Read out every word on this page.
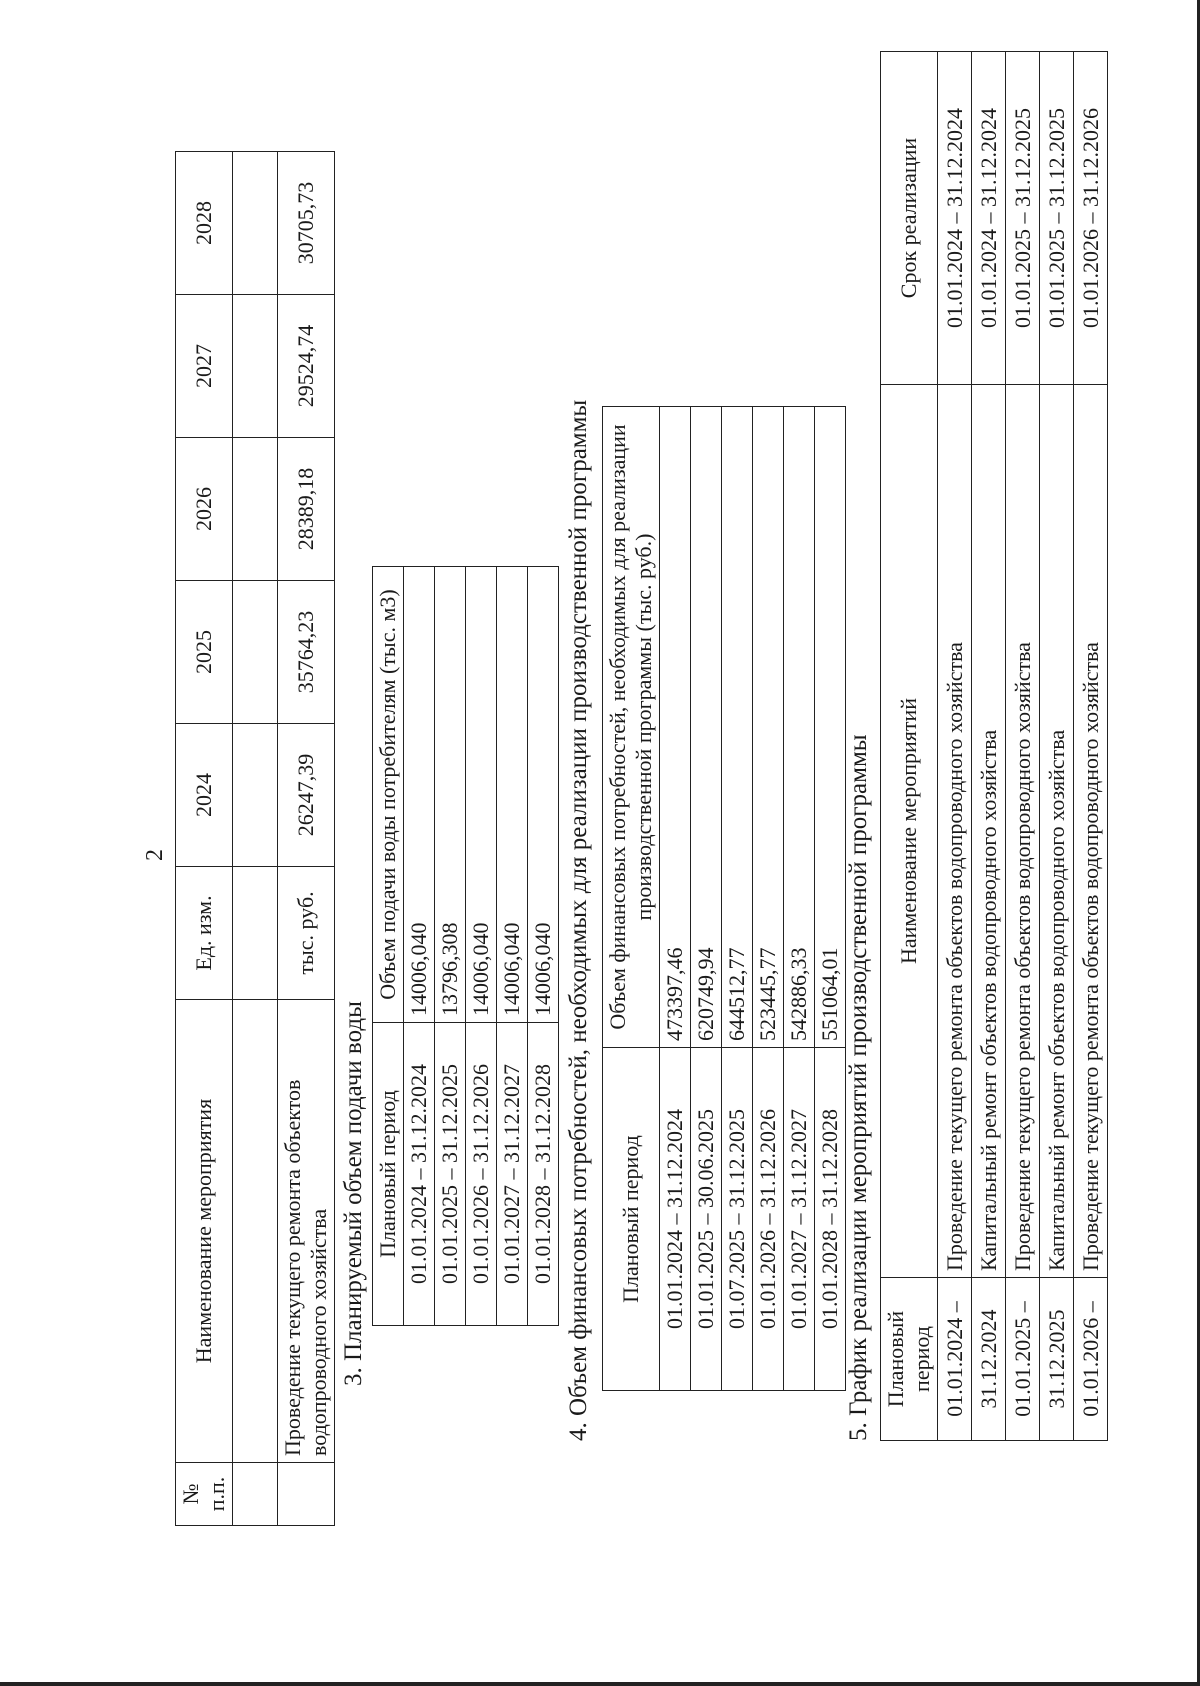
2
№ п.п.	Наименование мероприятия	Ед. изм.	2024	2025	2026	2027	2028

	Проведение текущего ремонта объектов водопроводного хозяйства	тыс. руб.	26247,39	35764,23	28389,18	29524,74	30705,73
3. Планируемый объем подачи воды Плановый период	Объем подачи воды потребителям (тыс. м3)
01.01.2024 – 31.12.2024	14006,040
01.01.2025 – 31.12.2025	13796,308
01.01.2026 – 31.12.2026	14006,040
01.01.2027 – 31.12.2027	14006,040
01.01.2028 – 31.12.2028	14006,040 4. Объем финансовых потребностей, необходимых для реализации производственной программы Плановый период	Объем финансовых потребностей, необходимых для реализации производственной программы (тыс. руб.)
01.01.2024 – 31.12.2024	473397,46
01.01.2025 – 30.06.2025	620749,94
01.07.2025 – 31.12.2025	644512,77
01.01.2026 – 31.12.2026	523445,77
01.01.2027 – 31.12.2027	542886,33
01.01.2028 – 31.12.2028	551064,01 5. График реализации мероприятий производственной программы Плановый период	Наименование мероприятий	Срок реализации
01.01.2024 –	Проведение текущего ремонта объектов водопроводного хозяйства	01.01.2024 – 31.12.2024
31.12.2024	Капитальный ремонт объектов водопроводного хозяйства	01.01.2024 – 31.12.2024
01.01.2025 –	Проведение текущего ремонта объектов водопроводного хозяйства	01.01.2025 – 31.12.2025
31.12.2025	Капитальный ремонт объектов водопроводного хозяйства	01.01.2025 – 31.12.2025
01.01.2026 –	Проведение текущего ремонта объектов водопроводного хозяйства	01.01.2026 – 31.12.2026
